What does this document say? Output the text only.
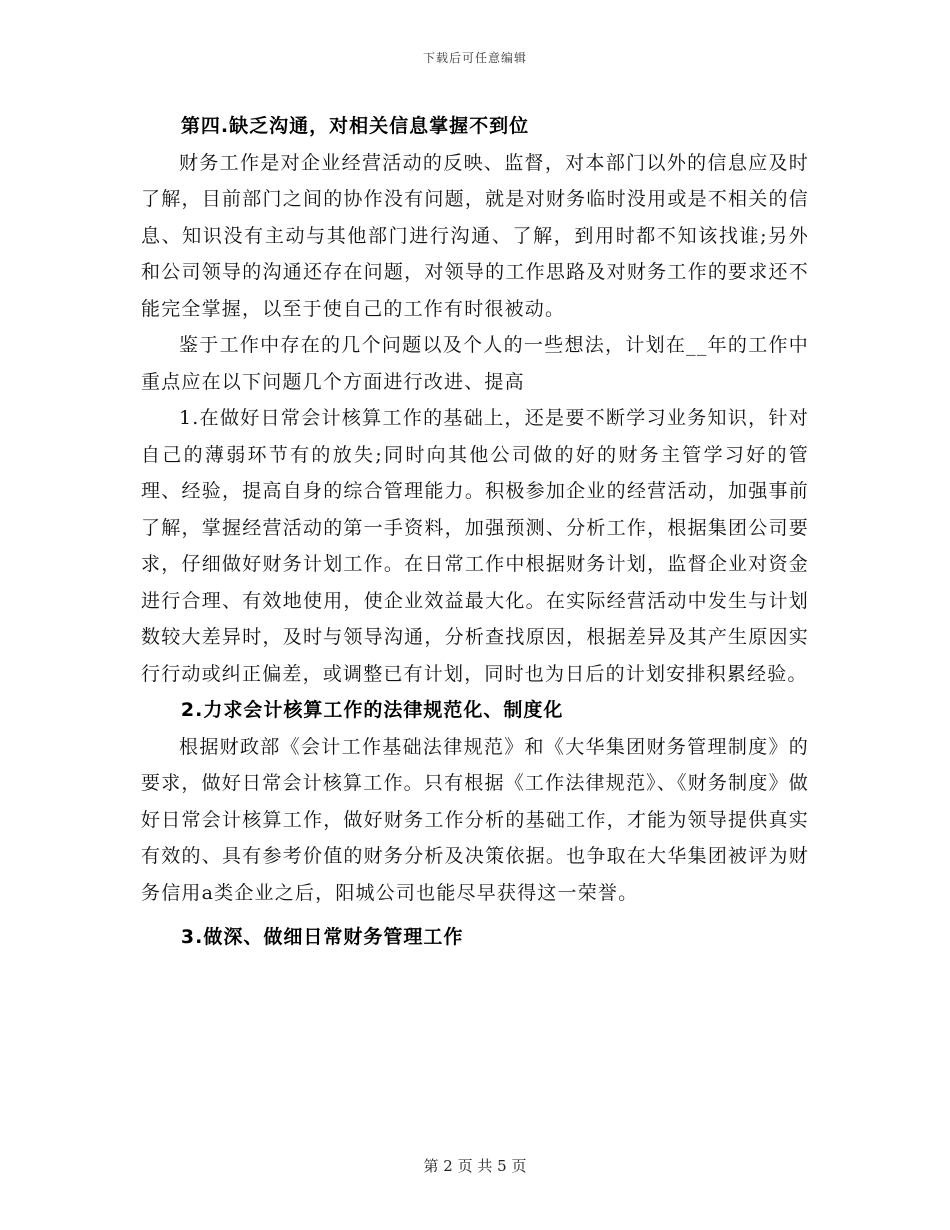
下载后可任意编辑

第四.缺乏沟通，对相关信息掌握不到位

财务工作是对企业经营活动的反映、监督，对本部门以外的信息应及时了解，目前部门之间的协作没有问题，就是对财务临时没用或是不相关的信息、知识没有主动与其他部门进行沟通、了解，到用时都不知该找谁;另外和公司领导的沟通还存在问题，对领导的工作思路及对财务工作的要求还不能完全掌握，以至于使自己的工作有时很被动。

鉴于工作中存在的几个问题以及个人的一些想法，计划在__年的工作中重点应在以下问题几个方面进行改进、提高

1.在做好日常会计核算工作的基础上，还是要不断学习业务知识，针对自己的薄弱环节有的放失;同时向其他公司做的好的财务主管学习好的管理、经验，提高自身的综合管理能力。积极参加企业的经营活动，加强事前了解，掌握经营活动的第一手资料，加强预测、分析工作，根据集团公司要求，仔细做好财务计划工作。在日常工作中根据财务计划，监督企业对资金进行合理、有效地使用，使企业效益最大化。在实际经营活动中发生与计划数较大差异时，及时与领导沟通，分析查找原因，根据差异及其产生原因实行行动或纠正偏差，或调整已有计划，同时也为日后的计划安排积累经验。

2.力求会计核算工作的法律规范化、制度化

根据财政部《会计工作基础法律规范》和《大华集团财务管理制度》的要求，做好日常会计核算工作。只有根据《工作法律规范》、《财务制度》做好日常会计核算工作，做好财务工作分析的基础工作，才能为领导提供真实有效的、具有参考价值的财务分析及决策依据。也争取在大华集团被评为财务信用a类企业之后，阳城公司也能尽早获得这一荣誉。

3.做深、做细日常财务管理工作

第 2 页 共 5 页
